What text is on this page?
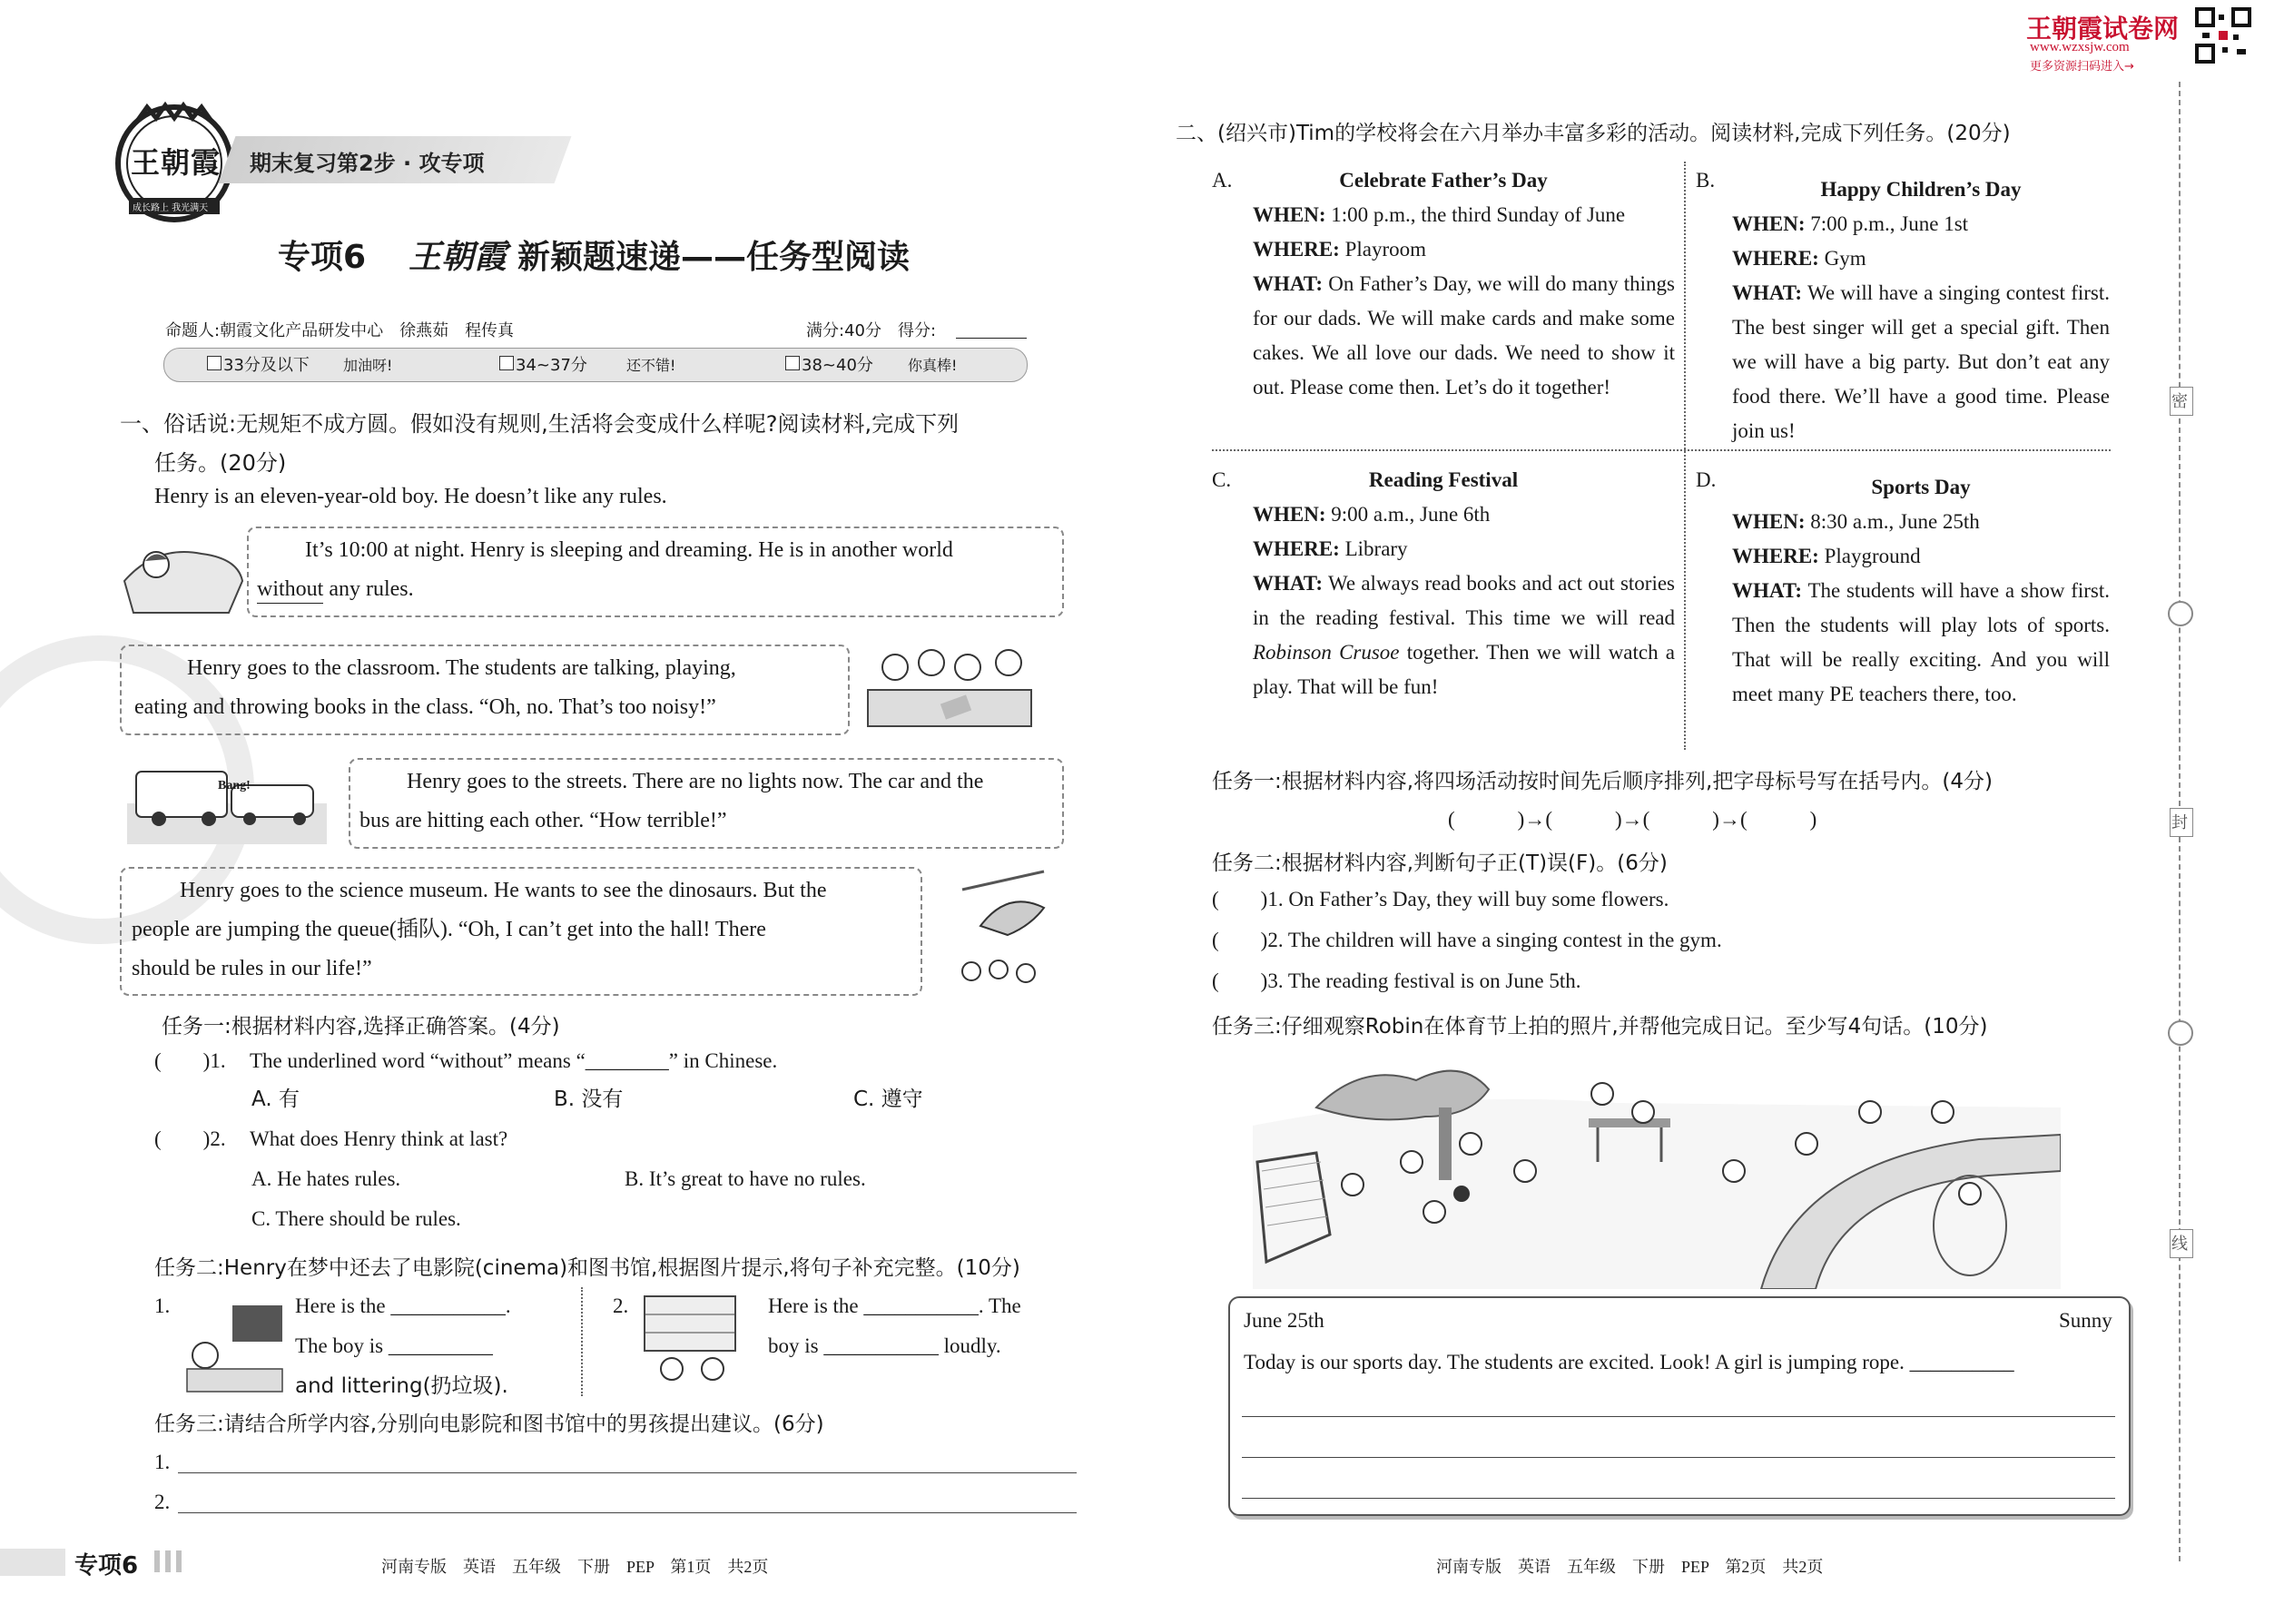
王朝霞
成长路上 我光满天
期末复习第2步 · 攻专项
专项6 王朝霞 新颖题速递——任务型阅读
命题人:朝霞文化产品研发中心　徐燕茹　程传真	满分:40分　得分:
33分及以下 加油呀!	34~37分	还不错!	38~40分 你真棒!
一、俗话说:无规矩不成方圆。假如没有规则,生活将会变成什么样呢?阅读材料,完成下列
任务。(20分)
Henry is an eleven-year-old boy. He doesn’t like any rules.
It’s 10:00 at night. Henry is sleeping and dreaming. He is in another world
without any rules.
Henry goes to the classroom. The students are talking, playing,
eating and throwing books in the class. “Oh, no. That’s too noisy!”
Bang!	Henry goes to the streets. There are no lights now. The car and the
bus are hitting each other. “How terrible!”
Henry goes to the science museum. He wants to see the dinosaurs. But the
people are jumping the queue(插队). “Oh, I can’t get into the hall! There
should be rules in our life!”
任务一:根据材料内容,选择正确答案。(4分)
(　　)1. The underlined word “without” means “________” in Chinese.
A. 有	B. 没有	C. 遵守
(　　)2. What does Henry think at last?
A. He hates rules.	B. It’s great to have no rules.
C. There should be rules.
任务二:Henry在梦中还去了电影院(cinema)和图书馆,根据图片提示,将句子补充完整。(10分)
1.	Here is the ___________.
The boy is __________
and littering(扔垃圾).
2.	Here is the ___________. The
boy is ___________ loudly.
任务三:请结合所学内容,分别向电影院和图书馆中的男孩提出建议。(6分)
1.
2.
专项6	河南专版　英语　五年级　下册　PEP　第1页　共2页
王朝霞试卷网
www.wzxsjw.com
更多资源扫码进入→
二、(绍兴市)Tim的学校将会在六月举办丰富多彩的活动。阅读材料,完成下列任务。(20分)
A.	Celebrate Father’s Day
WHEN: 1:00 p.m., the third Sunday of June
WHERE: Playroom
WHAT: On Father’s Day, we will do many things for our dads. We will make cards and make some cakes. We all love our dads. We need to show it out. Please come then. Let’s do it together!
B.	Happy Children’s Day
WHEN: 7:00 p.m., June 1st
WHERE: Gym
WHAT: We will have a singing contest first. The best singer will get a special gift. Then we will have a big party. But don’t eat any food there. We’ll have a good time. Please join us!
C.	Reading Festival
WHEN: 9:00 a.m., June 6th
WHERE: Library
WHAT: We always read books and act out stories in the reading festival. This time we will read Robinson Crusoe together. Then we will watch a play. That will be fun!
D.	Sports Day
WHEN: 8:30 a.m., June 25th
WHERE: Playground
WHAT: The students will have a show first. Then the students will play lots of sports. That will be really exciting. And you will meet many PE teachers there, too.
任务一:根据材料内容,将四场活动按时间先后顺序排列,把字母标号写在括号内。(4分)
(　　　)→(　　　)→(　　　)→(　　　)
任务二:根据材料内容,判断句子正(T)误(F)。(6分)
(　　)1. On Father’s Day, they will buy some flowers.
(　　)2. The children will have a singing contest in the gym.
(　　)3. The reading festival is on June 5th.
任务三:仔细观察Robin在体育节上拍的照片,并帮他完成日记。至少写4句话。(10分)
June 25th	Sunny
Today is our sports day. The students are excited. Look! A girl is jumping rope. __________
河南专版　英语　五年级　下册　PEP　第2页　共2页
密
封
线
